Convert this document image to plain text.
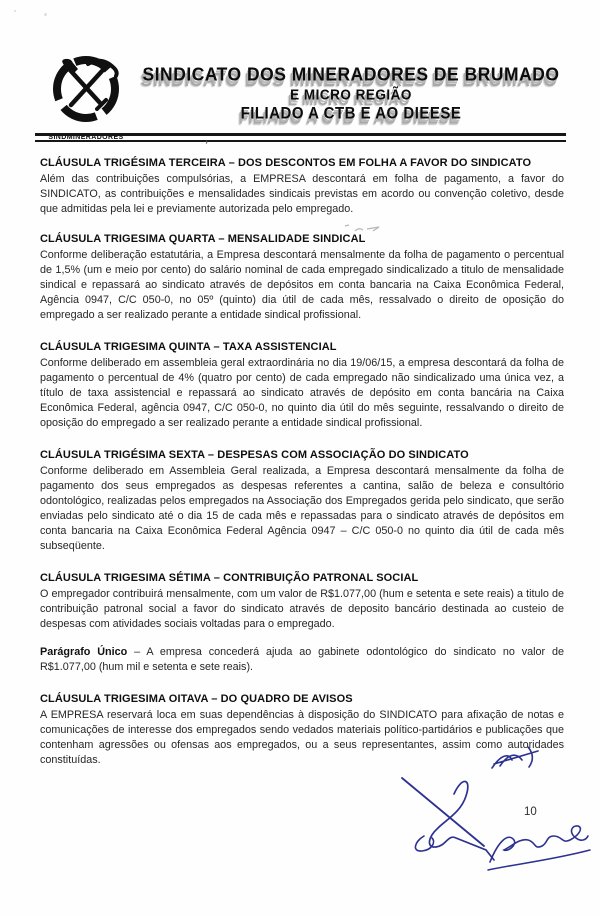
SINDMINERADORES
SINDICATO DOS MINERADORES DE BRUMADO
E MICRO REGIÃO
FILIADO A CTB E AO DIEESE
’
CLÁUSULA TRIGÉSIMA TERCEIRA – DOS DESCONTOS EM FOLHA A FAVOR DO SINDICATO

Além das contribuições compulsórias, a EMPRESA descontará em folha de pagamento, a favor do SINDICATO, as contribuições e mensalidades sindicais previstas em acordo ou convenção coletivo, desde que admitidas pela lei e previamente autorizada pelo empregado.

CLÁUSULA TRIGESIMA QUARTA – MENSALIDADE SINDICAL

Conforme deliberação estatutária, a Empresa descontará mensalmente da folha de pagamento o percentual de 1,5% (um e meio por cento) do salário nominal de cada empregado sindicalizado a titulo de mensalidade sindical e repassará ao sindicato através de depósitos em conta bancaria na Caixa Econômica Federal, Agência 0947, C/C 050-0, no 05º (quinto) dia útil de cada mês, ressalvado o direito de oposição do empregado a ser realizado perante a entidade sindical profissional.

CLÁUSULA TRIGESIMA QUINTA – TAXA ASSISTENCIAL

Conforme deliberado em assembleia geral extraordinária no dia 19/06/15, a empresa descontará da folha de pagamento o percentual de 4% (quatro por cento) de cada empregado não sindicalizado uma única vez, a título de taxa assistencial e repassará ao sindicato através de depósito em conta bancária na Caixa Econômica Federal, agência 0947, C/C 050-0, no quinto dia útil do mês seguinte, ressalvando o direito de oposição do empregado a ser realizado perante a entidade sindical profissional.

CLÁUSULA TRIGÉSIMA SEXTA – DESPESAS COM ASSOCIAÇÃO DO SINDICATO

Conforme deliberado em Assembleia Geral realizada, a Empresa descontará mensalmente da folha de pagamento dos seus empregados as despesas referentes a cantina, salão de beleza e consultório odontológico, realizadas pelos empregados na Associação dos Empregados gerida pelo sindicato, que serão enviadas pelo sindicato até o dia 15 de cada mês e repassadas para o sindicato através de depósitos em conta bancaria na Caixa Econômica Federal Agência 0947 – C/C 050-0 no quinto dia útil de cada mês subseqüente.

CLÁUSULA TRIGESIMA SÉTIMA – CONTRIBUIÇÃO PATRONAL SOCIAL

O empregador contribuirá mensalmente, com um valor de R$1.077,00 (hum e setenta e sete reais) a titulo de contribuição patronal social a favor do sindicato através de deposito bancário destinada ao custeio de despesas com atividades sociais voltadas para o empregado.

Parágrafo Único – A empresa concederá ajuda ao gabinete odontológico do sindicato no valor de R$1.077,00 (hum mil e setenta e sete reais).

CLÁUSULA TRIGESIMA OITAVA – DO QUADRO DE AVISOS

A EMPRESA reservará loca em suas dependências à disposição do SINDICATO para afixação de notas e comunicações de interesse dos empregados sendo vedados materiais político-partidários e publicações que contenham agressões ou ofensas aos empregados, ou a seus representantes, assim como autoridades constituídas.

10
